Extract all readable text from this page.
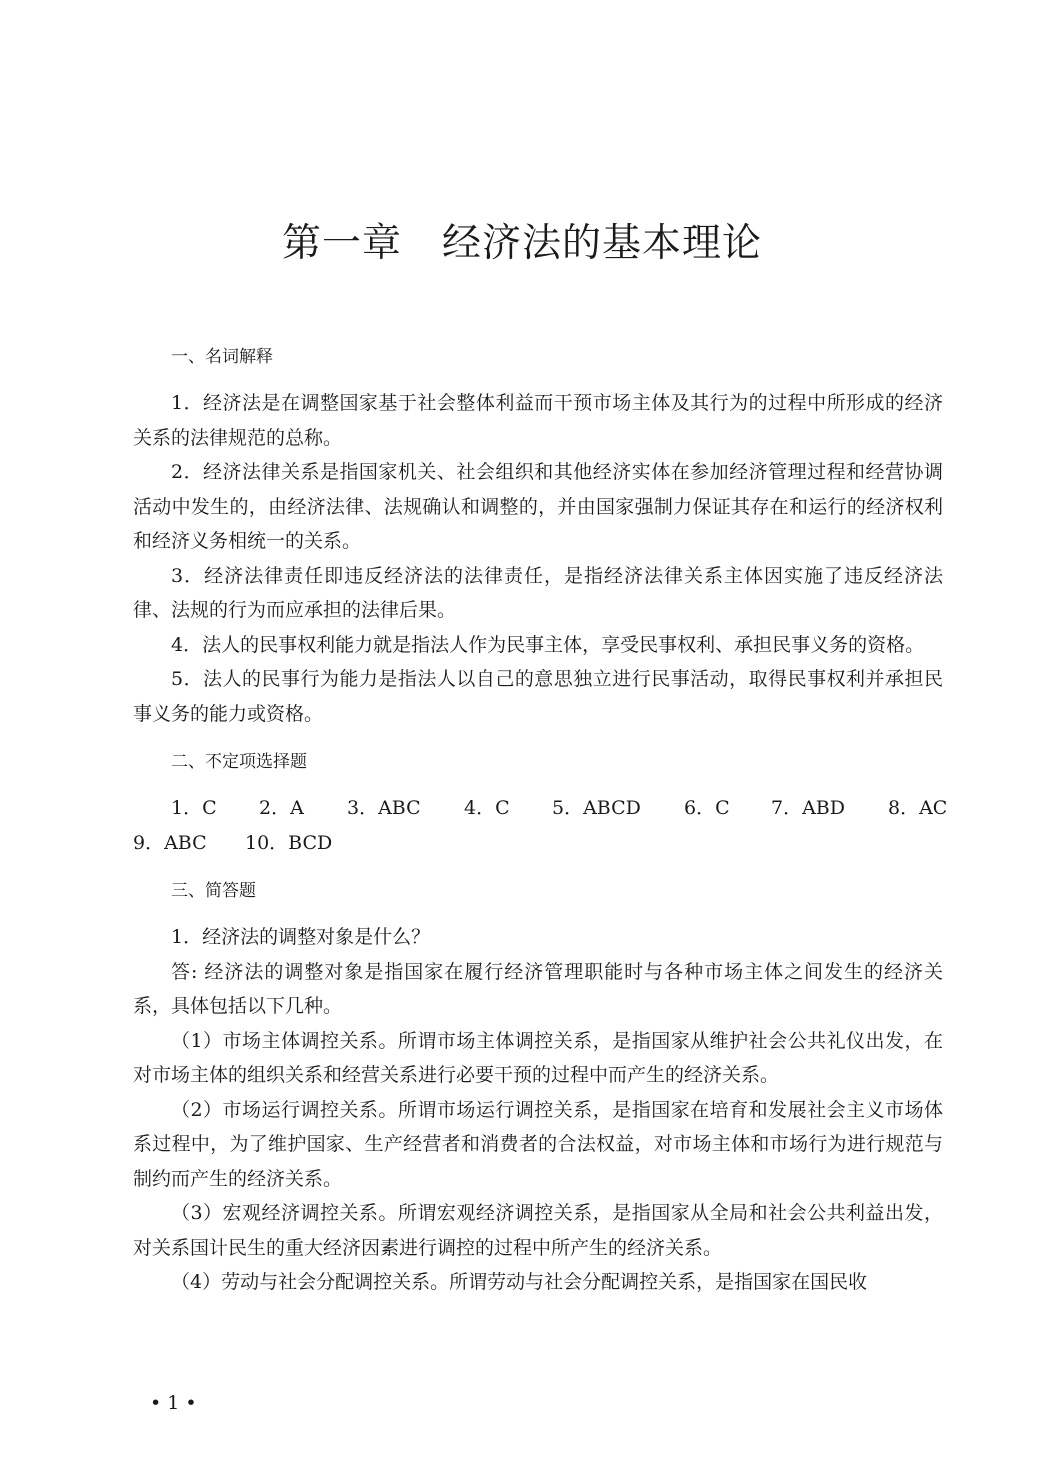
第一章　经济法的基本理论
一、名词解释

1．经济法是在调整国家基于社会整体利益而干预市场主体及其行为的过程中所形成的经济关系的法律规范的总称。

2．经济法律关系是指国家机关、社会组织和其他经济实体在参加经济管理过程和经营协调活动中发生的，由经济法律、法规确认和调整的，并由国家强制力保证其存在和运行的经济权利和经济义务相统一的关系。

3．经济法律责任即违反经济法的法律责任，是指经济法律关系主体因实施了违反经济法律、法规的行为而应承担的法律后果。

4．法人的民事权利能力就是指法人作为民事主体，享受民事权利、承担民事义务的资格。

5．法人的民事行为能力是指法人以自己的意思独立进行民事活动，取得民事权利并承担民事义务的能力或资格。

二、不定项选择题
1．C 2．A 3．ABC 4．C 5．ABCD 6．C 7．ABD 8．AC
9．ABC 10．BCD
三、简答题

1．经济法的调整对象是什么？

答: 经济法的调整对象是指国家在履行经济管理职能时与各种市场主体之间发生的经济关系，具体包括以下几种。

（1）市场主体调控关系。所谓市场主体调控关系，是指国家从维护社会公共礼仪出发，在对市场主体的组织关系和经营关系进行必要干预的过程中而产生的经济关系。

（2）市场运行调控关系。所谓市场运行调控关系，是指国家在培育和发展社会主义市场体系过程中，为了维护国家、生产经营者和消费者的合法权益，对市场主体和市场行为进行规范与制约而产生的经济关系。

（3）宏观经济调控关系。所谓宏观经济调控关系，是指国家从全局和社会公共利益出发，对关系国计民生的重大经济因素进行调控的过程中所产生的经济关系。

（4）劳动与社会分配调控关系。所谓劳动与社会分配调控关系，是指国家在国民收

• 1 •
